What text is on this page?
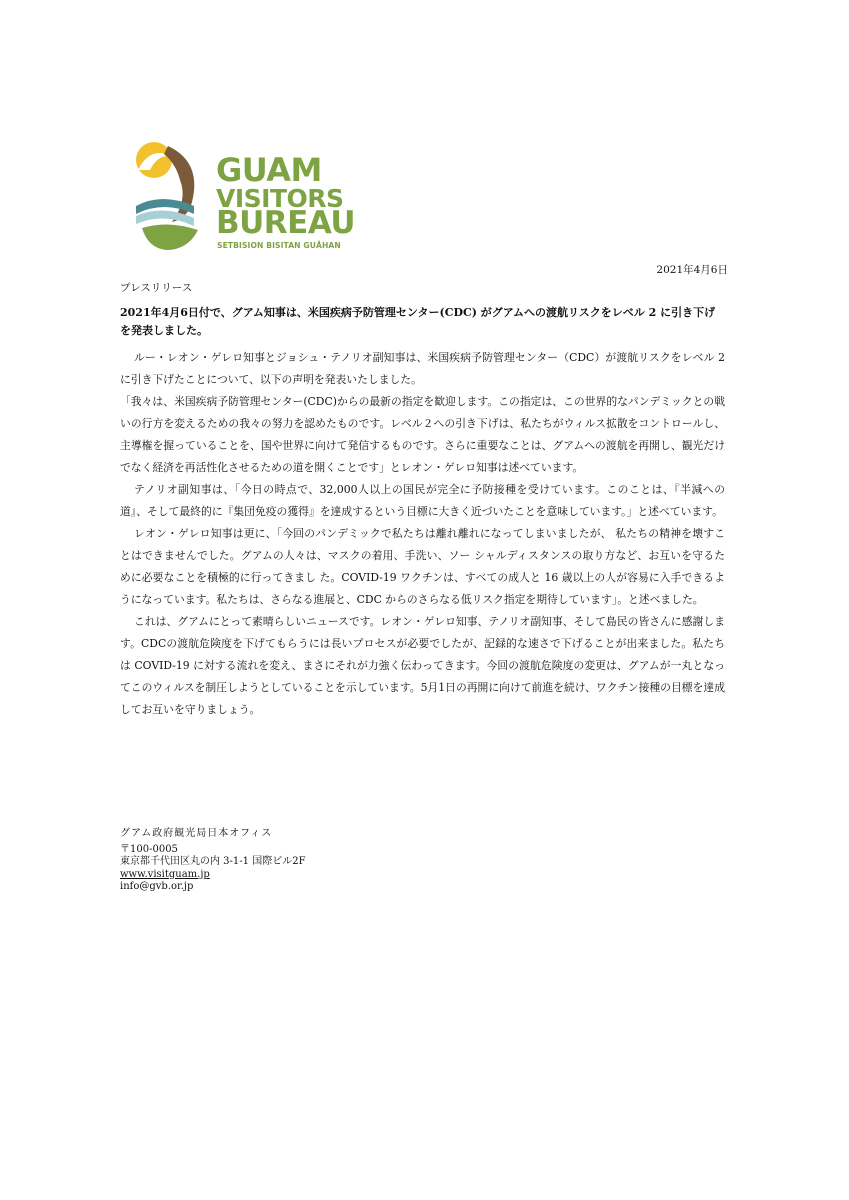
GUAM
VISITORS
BUREAU
SETBISION BISITAN GUÅHAN
2021年4月6日
プレスリリース
2021年4月6日付で、グアム知事は、米国疾病予防管理センター(CDC) がグアムへの渡航リスクをレベル 2 に引き下げを発表しました。

ルー・レオン・ゲレロ知事とジョシュ・テノリオ副知事は、米国疾病予防管理センター（CDC）が渡航リスクをレベル 2 に引き下げたことについて、以下の声明を発表いたしました。

「我々は、米国疾病予防管理センター(CDC)からの最新の指定を歓迎します。この指定は、この世界的なパンデミックとの戦いの行方を変えるための我々の努力を認めたものです。レベル２への引き下げは、私たちがウィルス拡散をコントロールし、主導権を握っていることを、国や世界に向けて発信するものです。さらに重要なことは、グアムへの渡航を再開し、観光だけでなく経済を再活性化させるための道を開くことです」とレオン・ゲレロ知事は述べています。

テノリオ副知事は、「今日の時点で、32,000人以上の国民が完全に予防接種を受けています。このことは、『半減への道』、そして最終的に『集団免疫の獲得』を達成するという目標に大きく近づいたことを意味しています。」と述べています。

レオン・ゲレロ知事は更に、「今回のパンデミックで私たちは離れ離れになってしまいましたが、 私たちの精神を壊すことはできませんでした。グアムの人々は、マスクの着用、手洗い、ソー シャルディスタンスの取り方など、お互いを守るために必要なことを積極的に行ってきまし た。COVID-19 ワクチンは、すべての成人と 16 歳以上の人が容易に入手できるようになっています。私たちは、さらなる進展と、CDC からのさらなる低リスク指定を期待しています」。と述べました。

これは、グアムにとって素晴らしいニュースです。レオン・ゲレロ知事、テノリオ副知事、そして島民の皆さんに感謝します。CDCの渡航危険度を下げてもらうには長いプロセスが必要でしたが、記録的な速さで下げることが出来ました。私たちは COVID-19 に対する流れを変え、まさにそれが力強く伝わってきます。今回の渡航危険度の変更は、グアムが一丸となってこのウィルスを制圧しようとしていることを示しています。5月1日の再開に向けて前進を続け、ワクチン接種の目標を達成してお互いを守りましょう。

グアム政府観光局日本オフィス
〒100-0005
東京都千代田区丸の内 3-1-1 国際ビル2F
www.visitguam.jp
info@gvb.or.jp
